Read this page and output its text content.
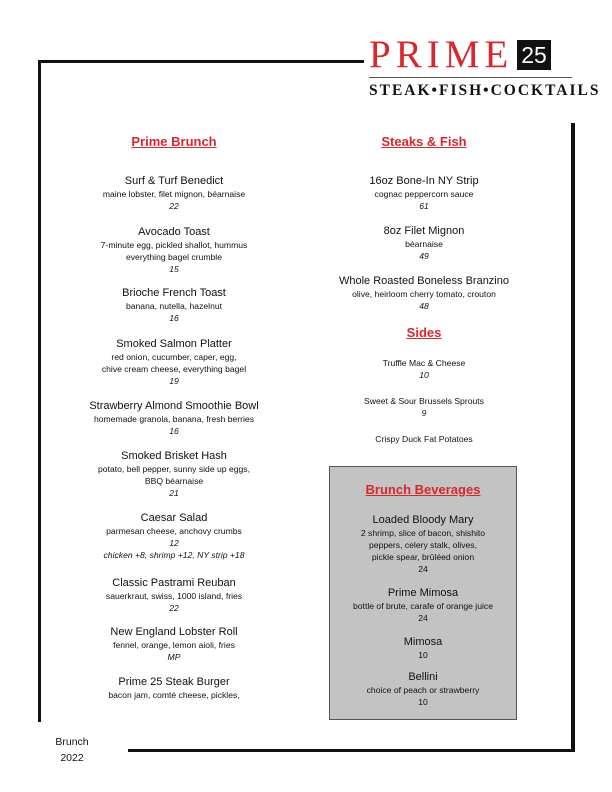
PRIME 25
STEAK•FISH•COCKTAILS
Prime Brunch
Surf & Turf Benedict
maine lobster, filet mignon, béarnaise
22
Avocado Toast
7-minute egg, pickled shallot, hummus
everything bagel crumble
15
Brioche French Toast
banana, nutella, hazelnut
16
Smoked Salmon Platter
red onion, cucumber, caper, egg,
chive cream cheese, everything bagel
19
Strawberry Almond Smoothie Bowl
homemade granola, banana, fresh berries
16
Smoked Brisket Hash
potato, bell pepper, sunny side up eggs,
BBQ béarnaise
21
Caesar Salad
parmesan cheese, anchovy crumbs
12
chicken +8, shrimp +12, NY strip +18
Classic Pastrami Reuban
sauerkraut, swiss, 1000 island, fries
22
New England Lobster Roll
fennel, orange, lemon aioli, fries
MP
Prime 25 Steak Burger
bacon jam, comté cheese, pickles,
Steaks & Fish
16oz Bone-In NY Strip
cognac peppercorn sauce
61
8oz Filet Mignon
béarnaise
49
Whole Roasted Boneless Branzino
olive, heirloom cherry tomato, crouton
48
Sides
Truffle Mac & Cheese
10
Sweet & Sour Brussels Sprouts
9
Crispy Duck Fat Potatoes
Brunch Beverages
Loaded Bloody Mary
2 shrimp, slice of bacon, shishito
peppers, celery stalk, olives,
pickle spear, brûléed onion
24
Prime Mimosa
bottle of brute, carafe of orange juice
24
Mimosa
10
Bellini
choice of peach or strawberry
10
Brunch
2022
